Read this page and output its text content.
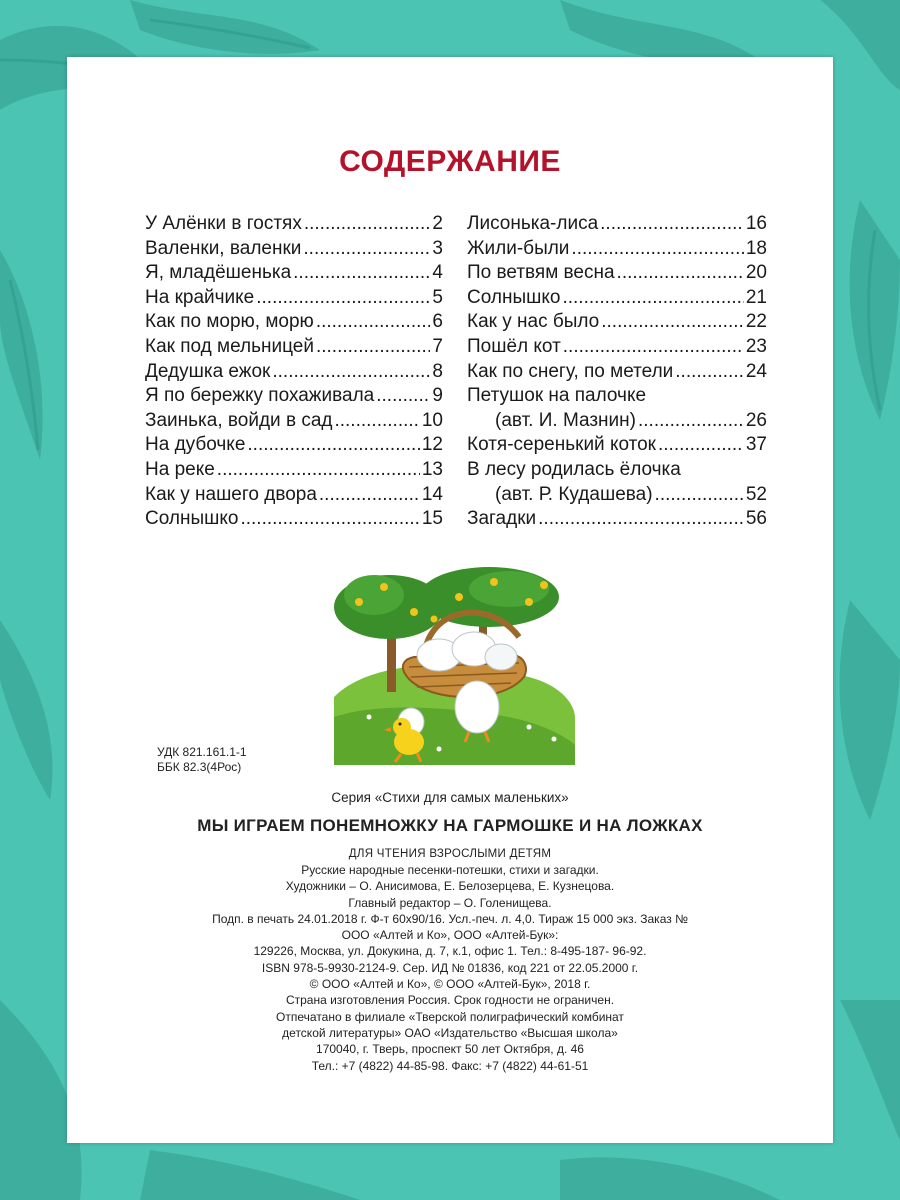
СОДЕРЖАНИЕ
У Алёнки в гостях .....	2
Валенки, валенки .....	3
Я, младёшенька .....	4
На крайчике .....	5
Как по морю, морю .....	6
Как под мельницей .....	7
Дедушка ежок .....	8
Я по бережку похаживала .....	9
Заинька, войди в сад .....	10
На дубочке .....	12
На реке .....	13
Как у нашего двора .....	14
Солнышко .....	15
Лисонька-лиса .....	16
Жили-были .....	18
По ветвям весна .....	20
Солнышко .....	21
Как у нас было .....	22
Пошёл кот .....	23
Как по снегу, по метели .....	24
Петушок на палочке
(авт. И. Мазнин) .....	26
Котя-серенький коток .....	37
В лесу родилась ёлочка
(авт. Р. Кудашева) .....	52
Загадки .....	56
УДК 821.161.1-1
ББК 82.3(4Рос)
Серия «Стихи для самых маленьких»
МЫ ИГРАЕМ ПОНЕМНОЖКУ НА ГАРМОШКЕ И НА ЛОЖКАХ
ДЛЯ ЧТЕНИЯ ВЗРОСЛЫМИ ДЕТЯМ
Русские народные песенки-потешки, стихи и загадки.
Художники – О. Анисимова, Е. Белозерцева, Е. Кузнецова.
Главный редактор – О. Голенищева.
Подп. в печать 24.01.2018 г. Ф-т 60х90/16. Усл.-печ. л. 4,0. Тираж 15 000 экз. Заказ №
ООО «Алтей и Ко», ООО «Алтей-Бук»:
129226, Москва, ул. Докукина, д. 7, к.1, офис 1. Тел.: 8-495-187- 96-92.
ISBN 978-5-9930-2124-9. Сер. ИД № 01836, код 221 от 22.05.2000 г.
© ООО «Алтей и Ко», © ООО «Алтей-Бук», 2018 г.
Страна изготовления Россия. Срок годности не ограничен.
Отпечатано в филиале «Тверской полиграфический комбинат
детской литературы» ОАО «Издательство «Высшая школа»
170040, г. Тверь, проспект 50 лет Октября, д. 46
Тел.: +7 (4822) 44-85-98. Факс: +7 (4822) 44-61-51
